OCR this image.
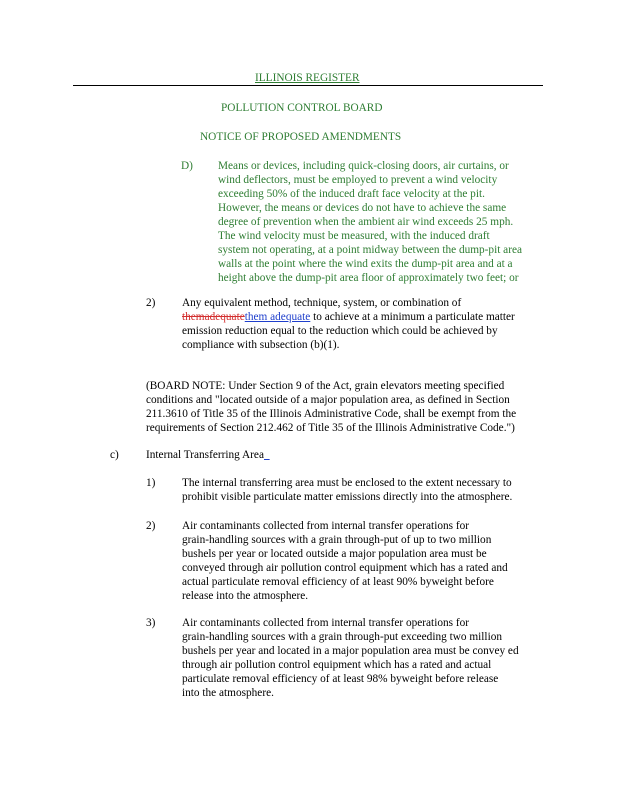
ILLINOIS REGISTER
POLLUTION CONTROL BOARD
NOTICE OF PROPOSED AMENDMENTS
D) Means or devices, including quick-closing doors, air curtains, or
wind deflectors, must be employed to prevent a wind velocity
exceeding 50% of the induced draft face velocity at the pit.
However, the means or devices do not have to achieve the same
degree of prevention when the ambient air wind exceeds 25 mph.
The wind velocity must be measured, with the induced draft
system not operating, at a point midway between the dump-pit area
walls at the point where the wind exits the dump-pit area and at a
height above the dump-pit area floor of approximately two feet; or
2) Any equivalent method, technique, system, or combination of
themadequatethem adequate to achieve at a minimum a particulate matter
emission reduction equal to the reduction which could be achieved by
compliance with subsection (b)(1).
(BOARD NOTE: Under Section 9 of the Act, grain elevators meeting specified
conditions and "located outside of a major population area, as defined in Section
211.3610 of Title 35 of the Illinois Administrative Code, shall be exempt from the
requirements of Section 212.462 of Title 35 of the Illinois Administrative Code.")
c) Internal Transferring Area
1) The internal transferring area must be enclosed to the extent necessary to
prohibit visible particulate matter emissions directly into the atmosphere.
2) Air contaminants collected from internal transfer operations for
grain-handling sources with a grain through-put of up to two million
bushels per year or located outside a major population area must be
conveyed through air pollution control equipment which has a rated and
actual particulate removal efficiency of at least 90% byweight before
release into the atmosphere.
3) Air contaminants collected from internal transfer operations for
grain-handling sources with a grain through-put exceeding two million
bushels per year and located in a major population area must be convey ed
through air pollution control equipment which has a rated and actual
particulate removal efficiency of at least 98% byweight before release
into the atmosphere.
